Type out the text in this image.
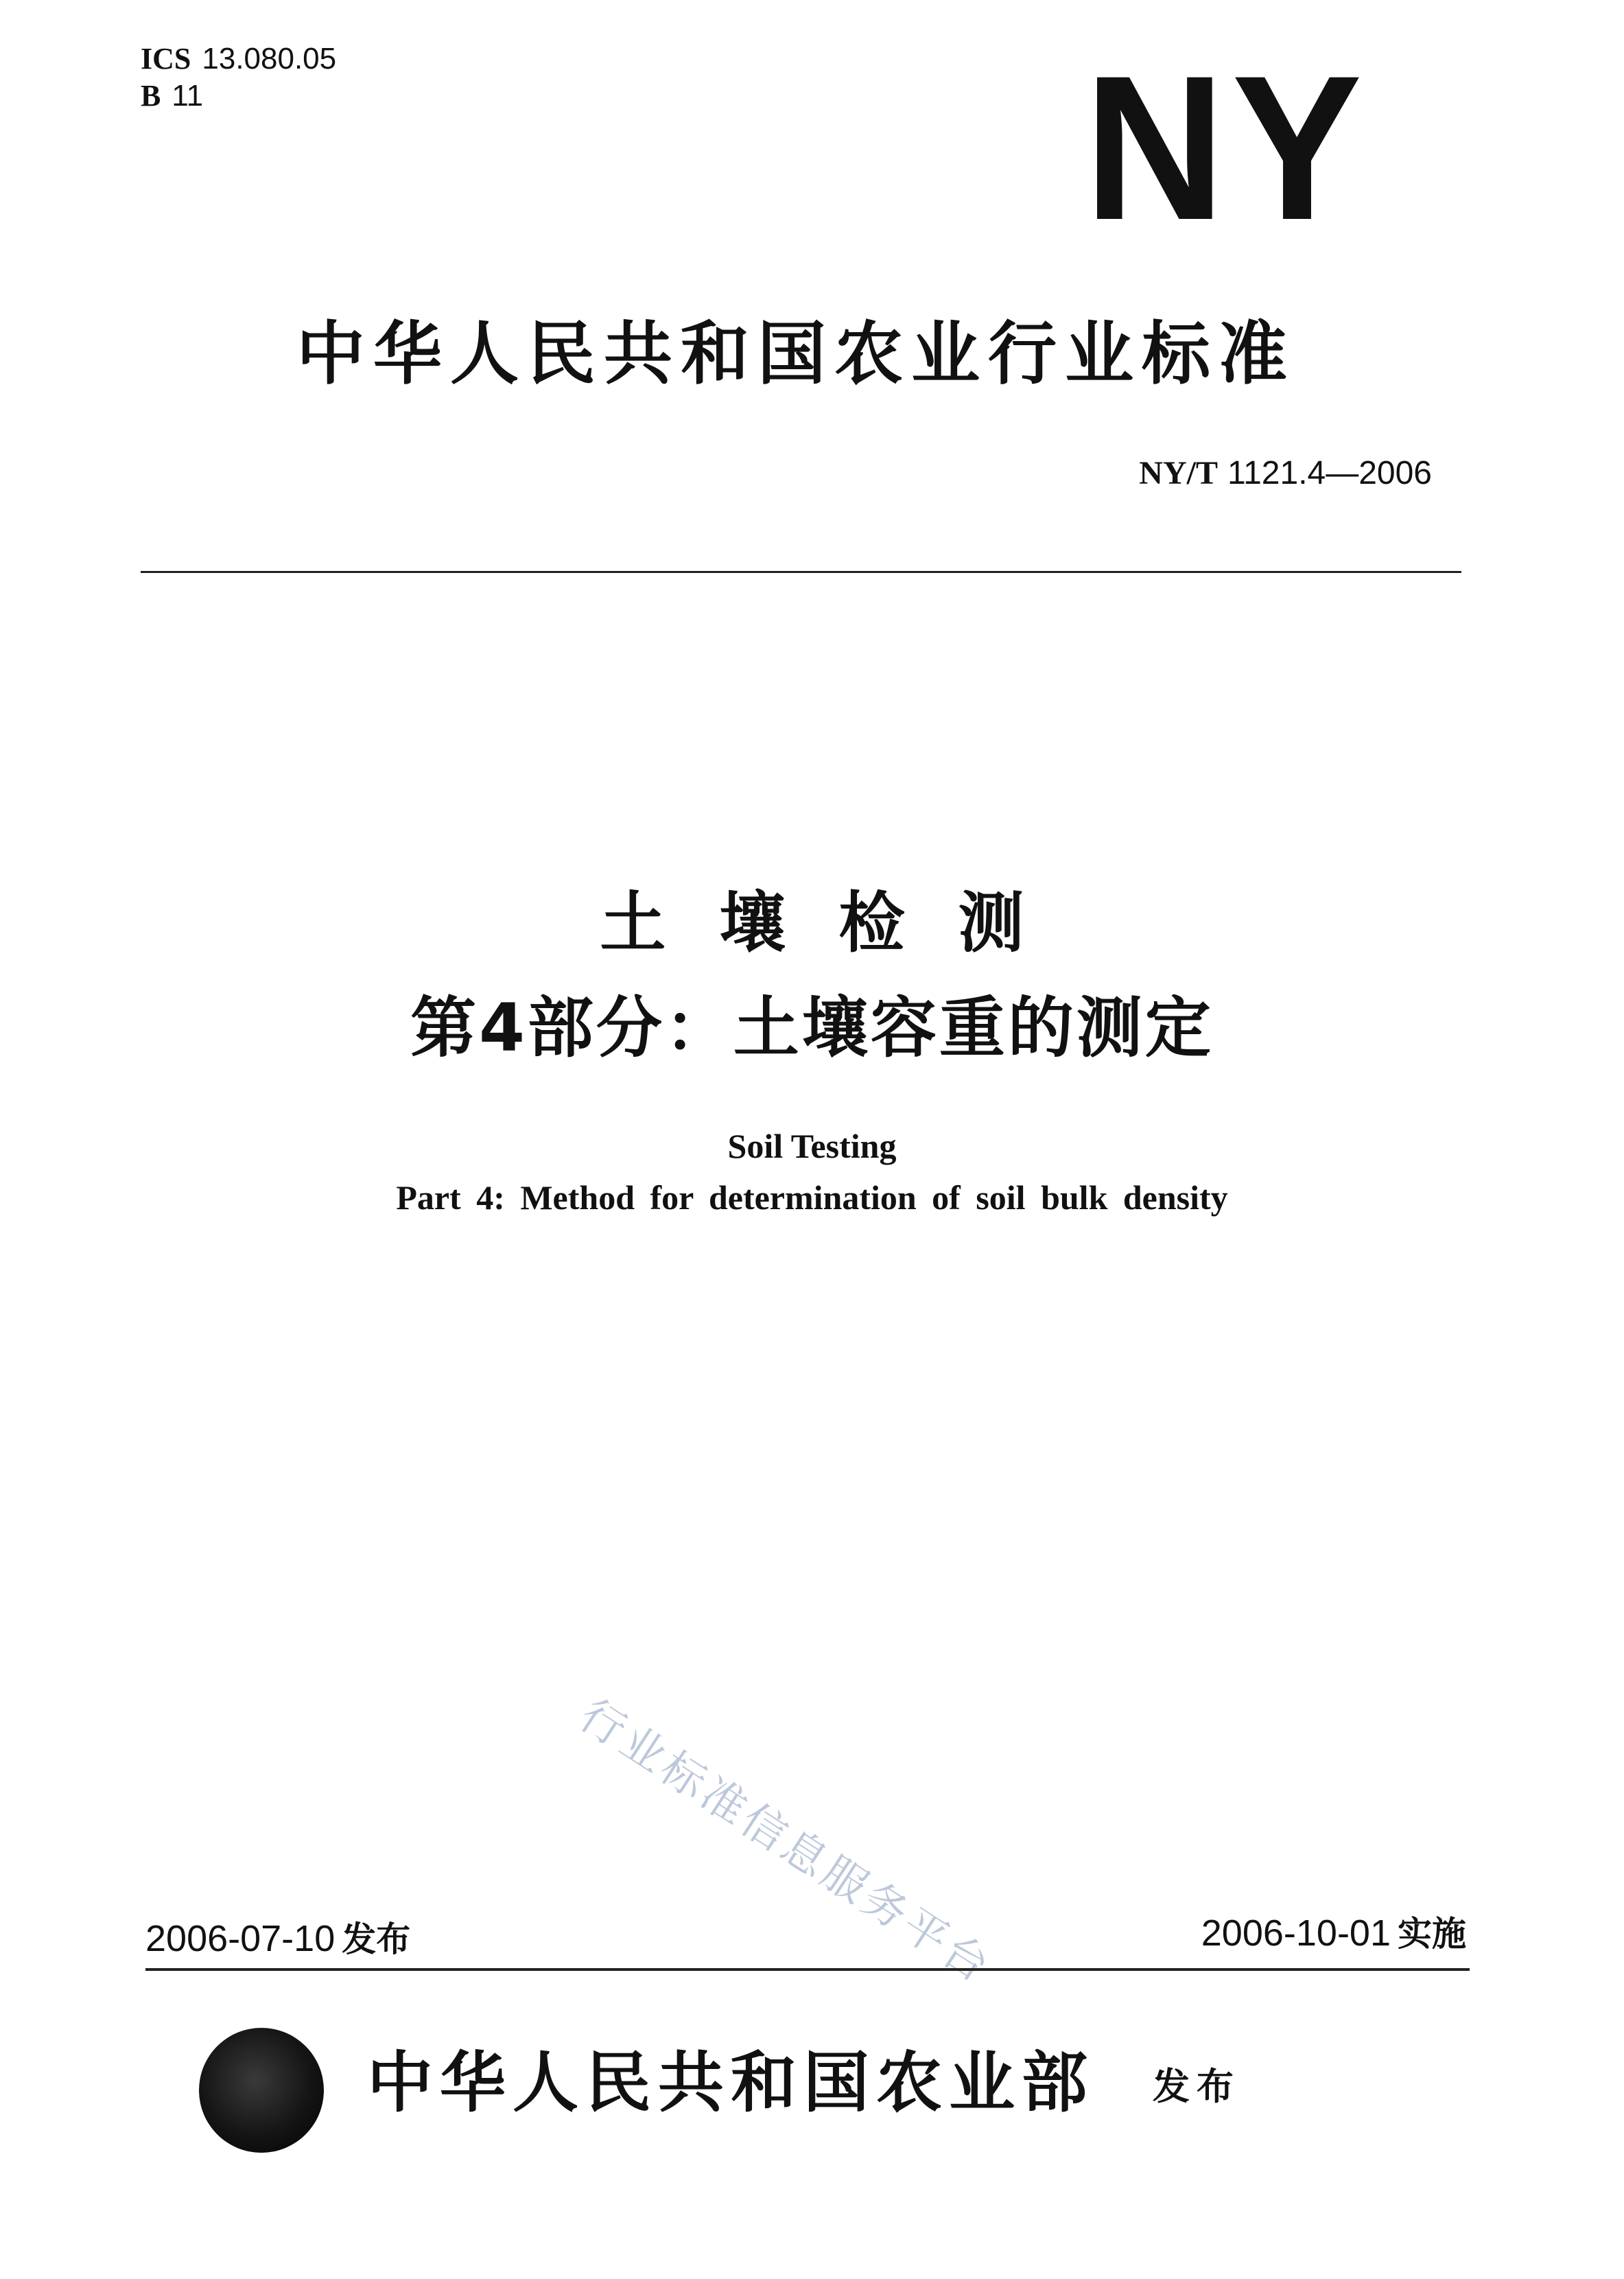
ICS 13.080.05
B 11	NY
中华人民共和国农业行业标准
NY/T 1121.4—2006
土壤检测
第4部分：土壤容重的测定
Soil Testing
Part 4: Method for determination of soil bulk density
行业标准信息服务平台
2006-07-10 发布	2006-10-01 实施
中华人民共和国农业部 发布
